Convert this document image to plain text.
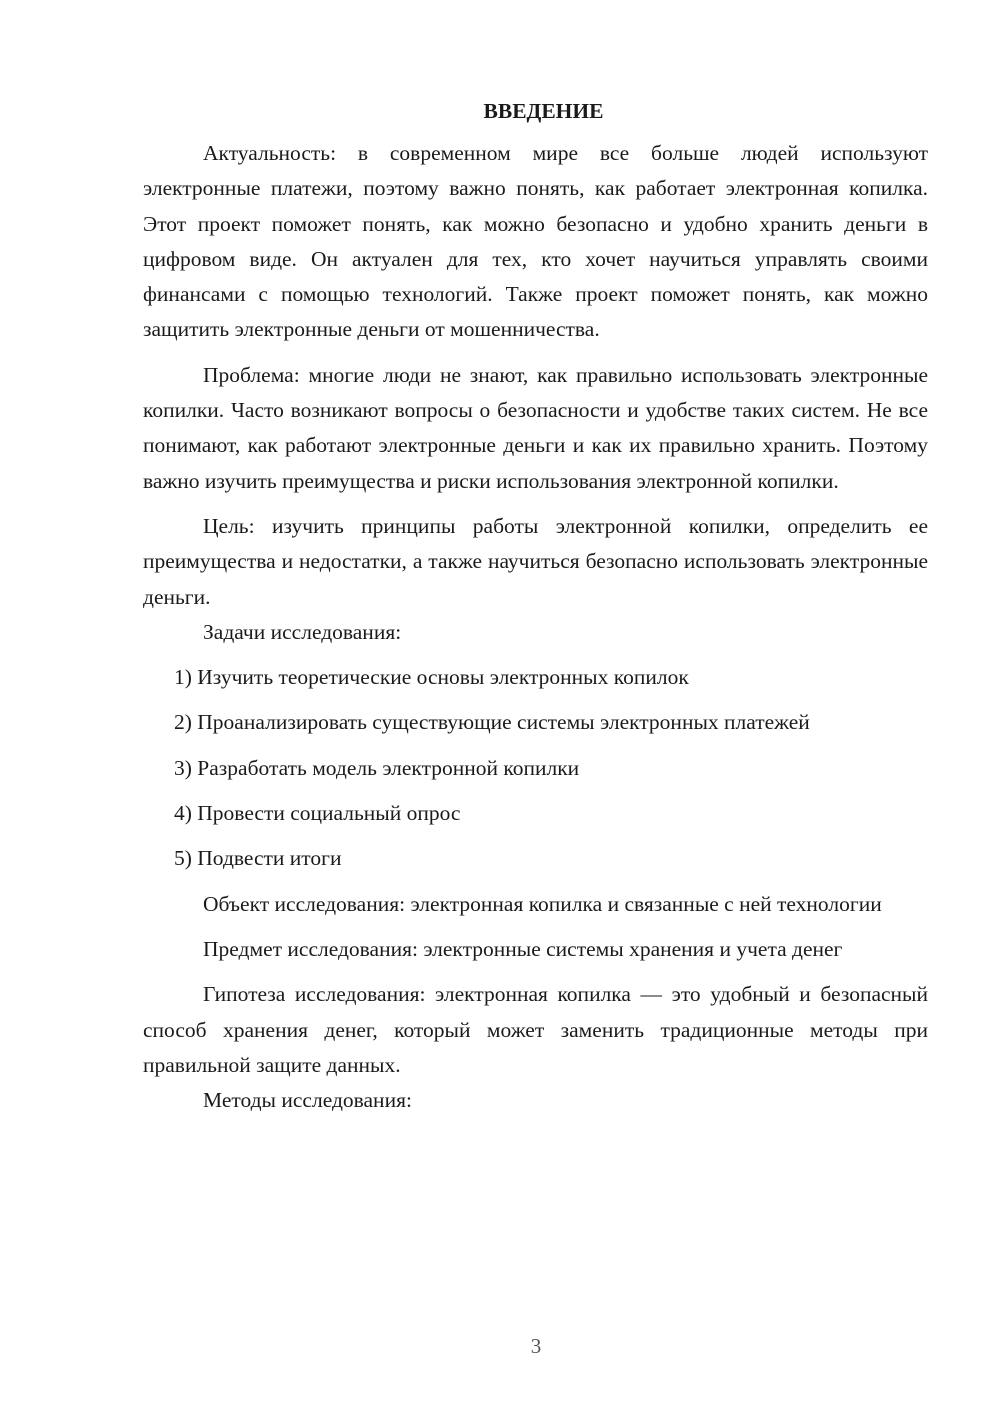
ВВЕДЕНИЕ

Актуальность: в современном мире все больше людей используют электронные платежи, поэтому важно понять, как работает электронная копилка. Этот проект поможет понять, как можно безопасно и удобно хранить деньги в цифровом виде. Он актуален для тех, кто хочет научиться управлять своими финансами с помощью технологий. Также проект поможет понять, как можно защитить электронные деньги от мошенничества.

Проблема: многие люди не знают, как правильно использовать электронные копилки. Часто возникают вопросы о безопасности и удобстве таких систем. Не все понимают, как работают электронные деньги и как их правильно хранить. Поэтому важно изучить преимущества и риски использования электронной копилки.

Цель: изучить принципы работы электронной копилки, определить ее преимущества и недостатки, а также научиться безопасно использовать электронные деньги.

Задачи исследования:

1) Изучить теоретические основы электронных копилок
2) Проанализировать существующие системы электронных платежей
3) Разработать модель электронной копилки
4) Провести социальный опрос
5) Подвести итоги

Объект исследования: электронная копилка и связанные с ней технологии

Предмет исследования: электронные системы хранения и учета денег

Гипотеза исследования: электронная копилка — это удобный и безопасный способ хранения денег, который может заменить традиционные методы при правильной защите данных.

Методы исследования:

3
